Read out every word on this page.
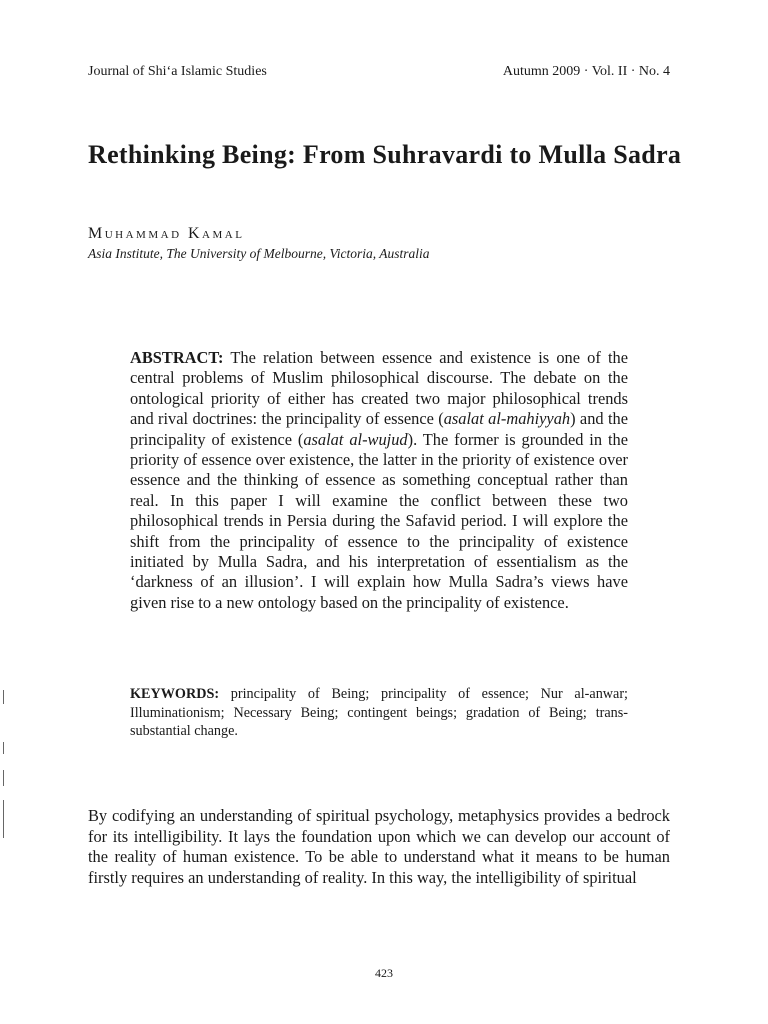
Journal of Shi‘a Islamic Studies	Autumn 2009 · Vol. II · No. 4
Rethinking Being: From Suhravardi to Mulla Sadra
Muhammad Kamal
Asia Institute, The University of Melbourne, Victoria, Australia

ABSTRACT: The relation between essence and existence is one of the central problems of Muslim philosophical discourse. The debate on the ontological priority of either has created two major philosophical trends and rival doctrines: the principality of essence (asalat al-mahiyyah) and the principality of existence (asalat al-wujud). The former is grounded in the priority of essence over existence, the latter in the priority of existence over essence and the thinking of essence as something conceptual rather than real. In this paper I will examine the conflict between these two philosophical trends in Persia during the Safavid period. I will explore the shift from the principality of essence to the principality of existence initiated by Mulla Sadra, and his interpretation of essentialism as the ‘darkness of an illusion’. I will explain how Mulla Sadra’s views have given rise to a new ontology based on the principality of existence.

KEYWORDS: principality of Being; principality of essence; Nur al-anwar; Illuminationism; Necessary Being; contingent beings; gradation of Being; trans-substantial change.

By codifying an understanding of spiritual psychology, metaphysics provides a bedrock for its intelligibility. It lays the foundation upon which we can develop our account of the reality of human existence. To be able to understand what it means to be human firstly requires an understanding of reality. In this way, the intelligibility of spiritual

423
